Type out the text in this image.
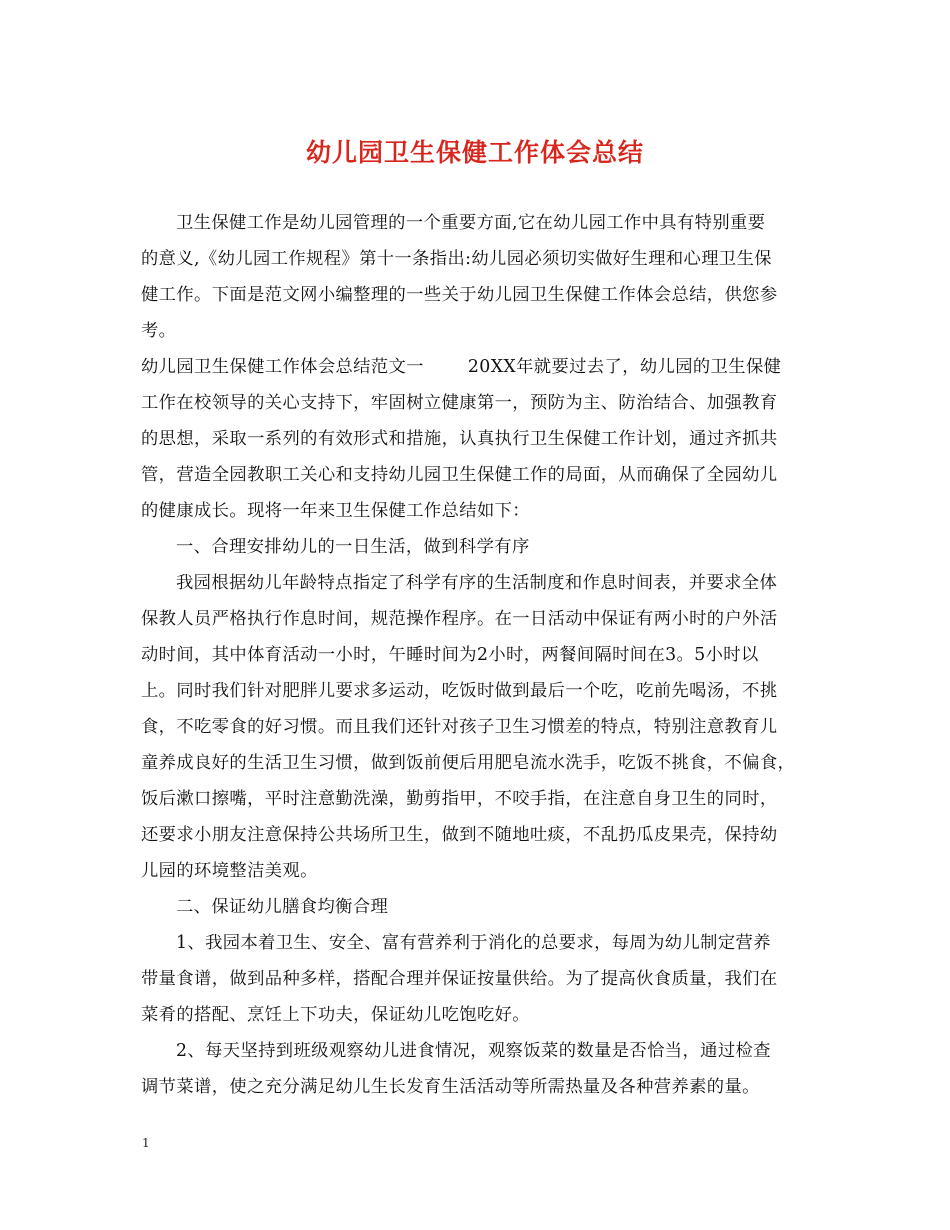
幼儿园卫生保健工作体会总结
卫生保健工作是幼儿园管理的一个重要方面,它在幼儿园工作中具有特别重要
的意义,《幼儿园工作规程》第十一条指出:幼儿园必须切实做好生理和心理卫生保
健工作。下面是范文网小编整理的一些关于幼儿园卫生保健工作体会总结，供您参
考。
幼儿园卫生保健工作体会总结范文一	20XX年就要过去了，幼儿园的卫生保健
工作在校领导的关心支持下，牢固树立健康第一，预防为主、防治结合、加强教育
的思想，采取一系列的有效形式和措施，认真执行卫生保健工作计划，通过齐抓共
管，营造全园教职工关心和支持幼儿园卫生保健工作的局面，从而确保了全园幼儿
的健康成长。现将一年来卫生保健工作总结如下：
一、合理安排幼儿的一日生活，做到科学有序
我园根据幼儿年龄特点指定了科学有序的生活制度和作息时间表，并要求全体
保教人员严格执行作息时间，规范操作程序。在一日活动中保证有两小时的户外活
动时间，其中体育活动一小时，午睡时间为2小时，两餐间隔时间在3。5小时以
上。同时我们针对肥胖儿要求多运动，吃饭时做到最后一个吃，吃前先喝汤，不挑
食，不吃零食的好习惯。而且我们还针对孩子卫生习惯差的特点，特别注意教育儿
童养成良好的生活卫生习惯，做到饭前便后用肥皂流水洗手，吃饭不挑食，不偏食，
饭后漱口擦嘴，平时注意勤洗澡，勤剪指甲，不咬手指，在注意自身卫生的同时，
还要求小朋友注意保持公共场所卫生，做到不随地吐痰，不乱扔瓜皮果壳，保持幼
儿园的环境整洁美观。
二、保证幼儿膳食均衡合理
1、我园本着卫生、安全、富有营养利于消化的总要求，每周为幼儿制定营养
带量食谱，做到品种多样，搭配合理并保证按量供给。为了提高伙食质量，我们在
菜肴的搭配、烹饪上下功夫，保证幼儿吃饱吃好。
2、每天坚持到班级观察幼儿进食情况，观察饭菜的数量是否恰当，通过检查
调节菜谱，使之充分满足幼儿生长发育生活活动等所需热量及各种营养素的量。
1
